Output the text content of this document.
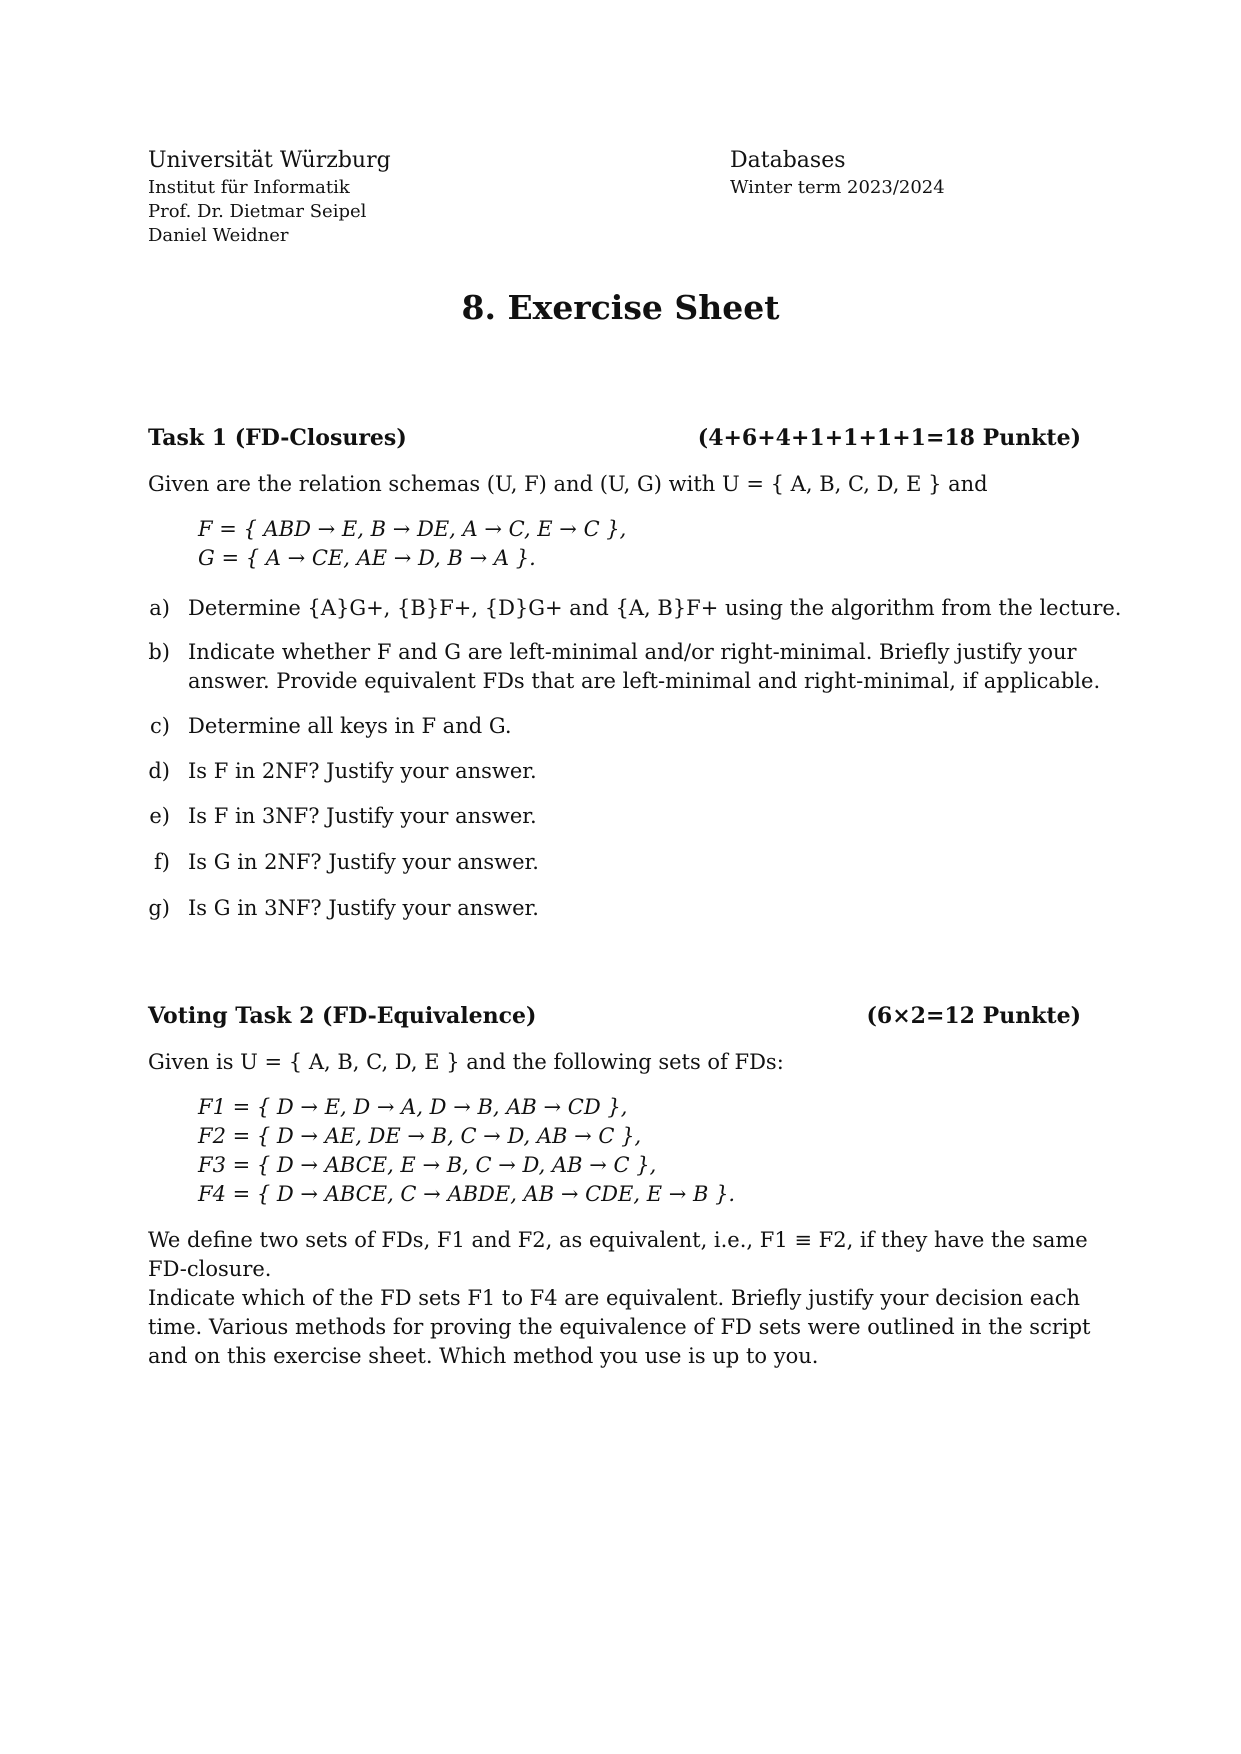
Universität Würzburg
Institut für Informatik
Prof. Dr. Dietmar Seipel
Daniel Weidner
Databases
Winter term 2023/2024
8. Exercise Sheet
Task 1 (FD-Closures)	(4+6+4+1+1+1+1=18 Punkte)
Given are the relation schemas (U, F) and (U, G) with U = { A, B, C, D, E } and
F = { ABD → E, B → DE, A → C, E → C },
G = { A → CE, AE → D, B → A }.
a) Determine {A}G+, {B}F+, {D}G+ and {A, B}F+ using the algorithm from the lecture.
b) Indicate whether F and G are left-minimal and/or right-minimal. Briefly justify your
answer. Provide equivalent FDs that are left-minimal and right-minimal, if applicable.
c) Determine all keys in F and G.
d) Is F in 2NF? Justify your answer.
e) Is F in 3NF? Justify your answer.
f) Is G in 2NF? Justify your answer.
g) Is G in 3NF? Justify your answer.
Voting Task 2 (FD-Equivalence)	(6×2=12 Punkte)
Given is U = { A, B, C, D, E } and the following sets of FDs:
F1 = { D → E, D → A, D → B, AB → CD },
F2 = { D → AE, DE → B, C → D, AB → C },
F3 = { D → ABCE, E → B, C → D, AB → C },
F4 = { D → ABCE, C → ABDE, AB → CDE, E → B }.
We define two sets of FDs, F1 and F2, as equivalent, i.e., F1 ≡ F2, if they have the same
FD-closure.
Indicate which of the FD sets F1 to F4 are equivalent. Briefly justify your decision each
time. Various methods for proving the equivalence of FD sets were outlined in the script
and on this exercise sheet. Which method you use is up to you.
